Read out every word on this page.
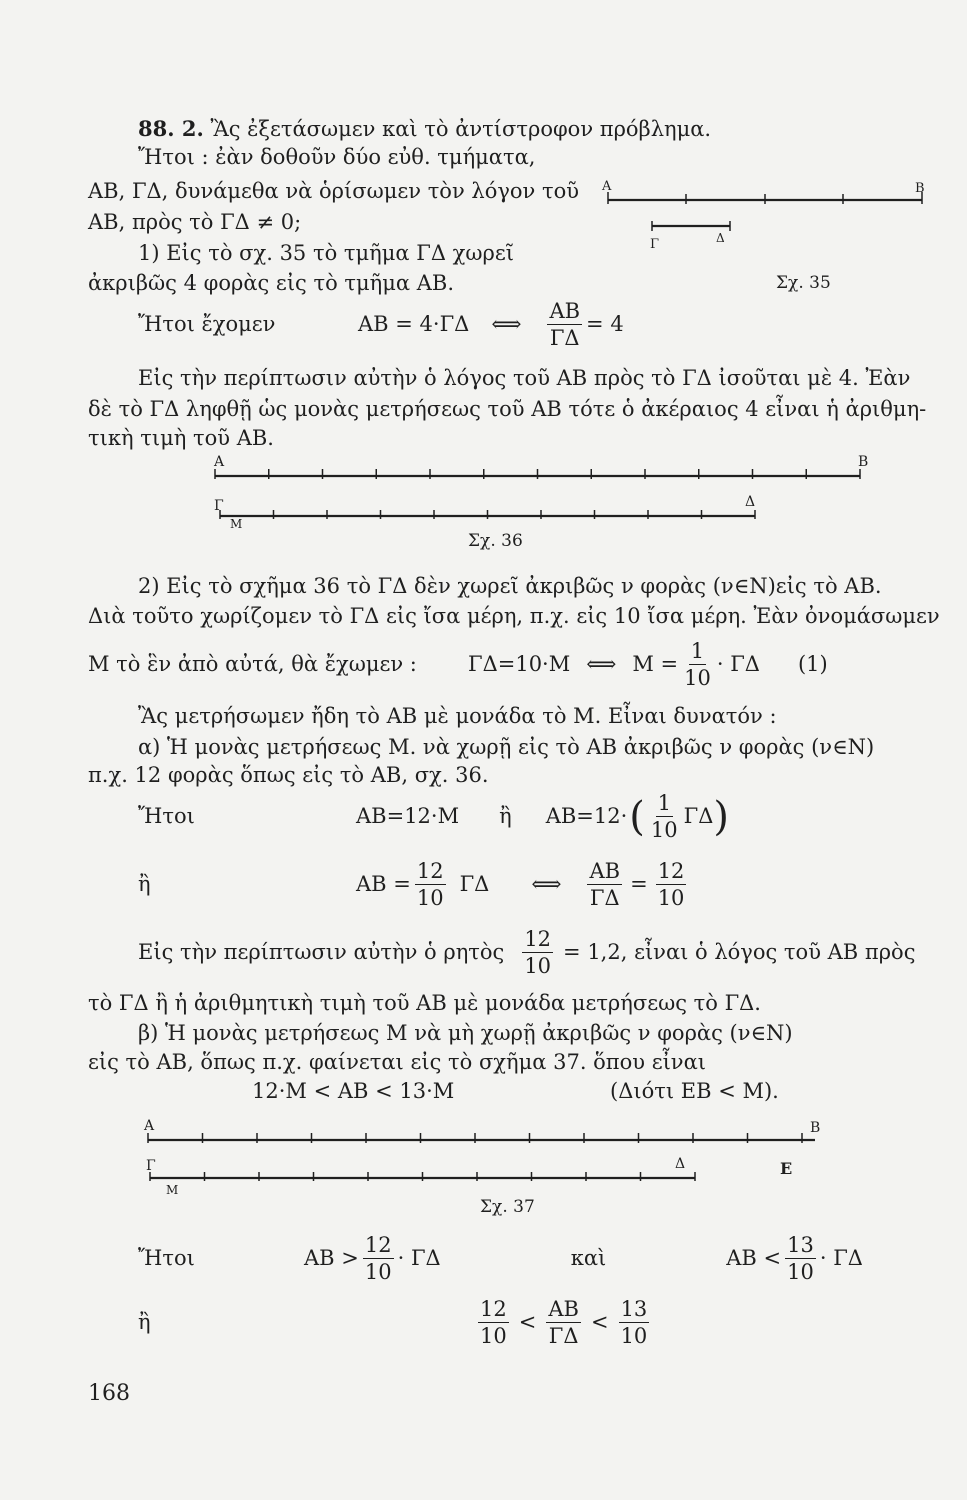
88. 2. Ἂς ἐξετάσωμεν καὶ τὸ ἀντίστροφον πρόβλημα.
Ἤτοι : ἐὰν δοθοῦν δύο εὐθ. τμήματα,
ΑΒ, ΓΔ, δυνάμεθα νὰ ὁρίσωμεν τὸν λόγον τοῦ
ΑΒ, πρὸς τὸ ΓΔ ≠ 0;
Α	Β
Γ	Δ
Σχ. 35
1) Εἰς τὸ σχ. 35 τὸ τμῆμα ΓΔ χωρεῖ
ἀκριβῶς 4 φορὰς εἰς τὸ τμῆμα ΑΒ.
Ἤτοι ἔχομεν	ΑΒ = 4·ΓΔ ⟺ $\frac{AB}{\Gamma\Delta} = 4$
Εἰς τὴν περίπτωσιν αὐτὴν ὁ λόγος τοῦ ΑΒ πρὸς τὸ ΓΔ ἰσοῦται μὲ 4. Ἐὰν
δὲ τὸ ΓΔ ληφθῇ ὡς μονὰς μετρήσεως τοῦ ΑΒ τότε ὁ ἀκέραιος 4 εἶναι ἡ ἀριθμη-
τικὴ τιμὴ τοῦ ΑΒ.
Α	Β
Γ	Δ
Μ
Σχ. 36
2) Εἰς τὸ σχῆμα 36 τὸ ΓΔ δὲν χωρεῖ ἀκριβῶς ν φορὰς (ν∈Ν)εἰς τὸ ΑΒ.
Διὰ τοῦτο χωρίζομεν τὸ ΓΔ εἰς ἴσα μέρη, π.χ. εἰς 10 ἴσα μέρη. Ἐὰν ὀνομάσωμεν
Μ τὸ ἓν ἀπὸ αὐτά, θὰ ἔχωμεν :	ΓΔ=10·Μ ⟺ $M = \frac{1}{10} \cdot \Gamma\Delta$ (1)
Ἂς μετρήσωμεν ἤδη τὸ ΑΒ μὲ μονάδα τὸ Μ. Εἶναι δυνατόν :
α) Ἡ μονὰς μετρήσεως Μ. νὰ χωρῇ εἰς τὸ ΑΒ ἀκριβῶς ν φορὰς (ν∈Ν)
π.χ. 12 φορὰς ὅπως εἰς τὸ ΑΒ, σχ. 36.
Ἤτοι	ΑΒ=12·Μ ἢ ΑΒ=12· ( $\frac{1}{10}$ ΓΔ )
ἢ	$AB = \frac{12}{10}$ ΓΔ ⟺ $\frac{AB}{\Gamma\Delta} = \frac{12}{10}$
Εἰς τὴν περίπτωσιν αὐτὴν ὁ ρητὸς $\frac{12}{10} = 1,2$, εἶναι ὁ λόγος τοῦ ΑΒ πρὸς
τὸ ΓΔ ἢ ἡ ἀριθμητικὴ τιμὴ τοῦ ΑΒ μὲ μονάδα μετρήσεως τὸ ΓΔ.
β) Ἡ μονὰς μετρήσεως Μ νὰ μὴ χωρῇ ἀκριβῶς ν φορὰς (ν∈Ν)
εἰς τὸ ΑΒ, ὅπως π.χ. φαίνεται εἰς τὸ σχῆμα 37. ὅπου εἶναι
12·Μ < ΑΒ < 13·Μ	(Διότι ΕΒ < Μ).
Α	Β
Γ	Δ
Μ
Ε
Σχ. 37
Ἤτοι	$AB > \frac{12}{10} \cdot \Gamma\Delta$	καὶ	$AB < \frac{13}{10} \cdot \Gamma\Delta$
ἢ	$\frac{12}{10} < \frac{AB}{\Gamma\Delta} < \frac{13}{10}$
168
